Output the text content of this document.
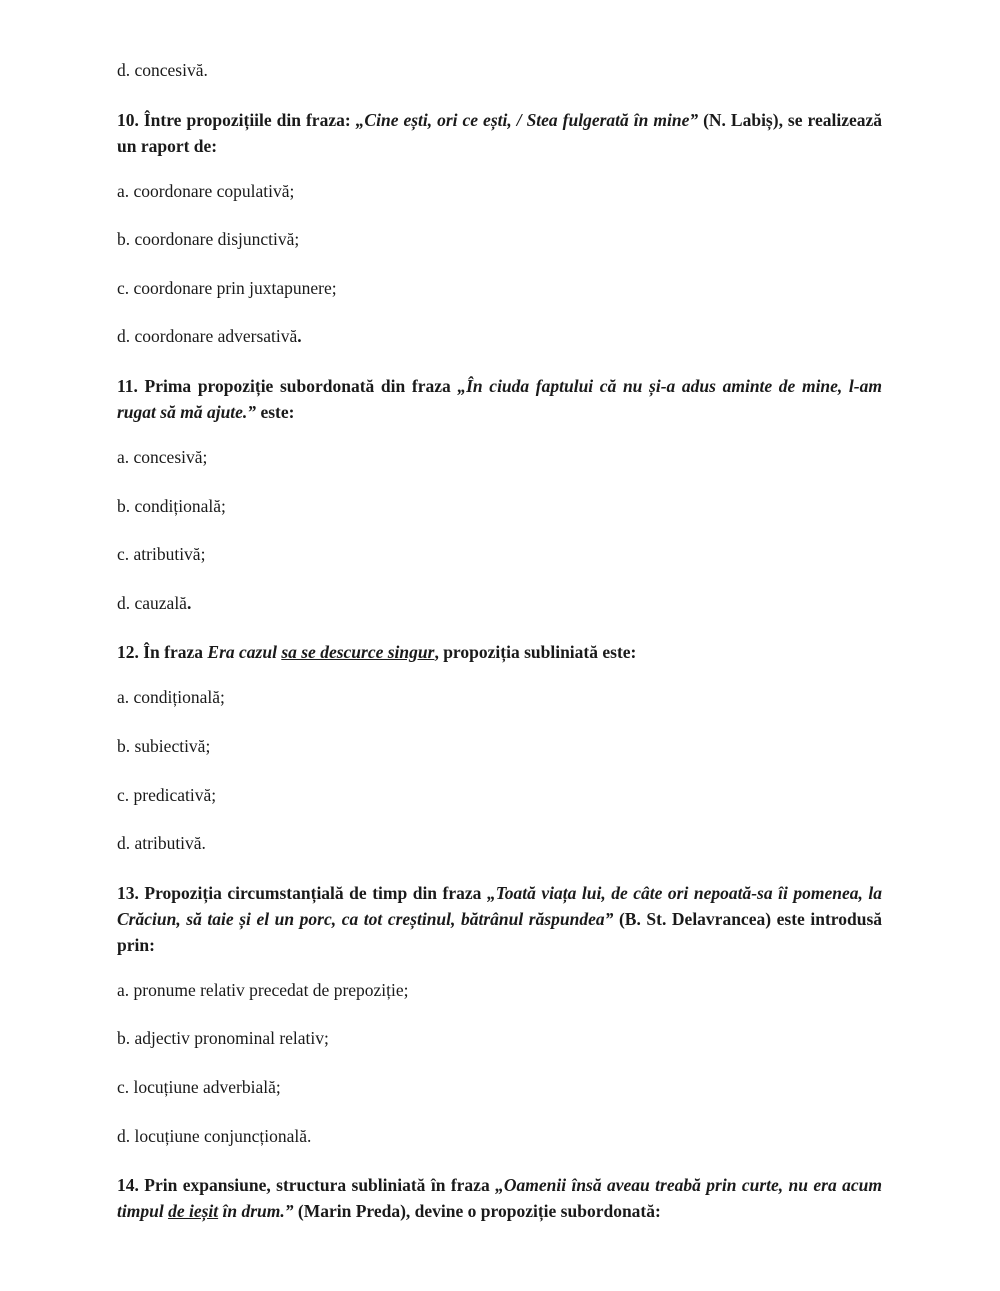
d. concesivă.
10. Între propozițiile din fraza: „Cine ești, ori ce ești, / Stea fulgerată în mine” (N. Labiș), se realizează un raport de:
a. coordonare copulativă;
b. coordonare disjunctivă;
c. coordonare prin juxtapunere;
d. coordonare adversativă.
11. Prima propoziție subordonată din fraza „În ciuda faptului că nu și-a adus aminte de mine, l-am rugat să mă ajute.” este:
a. concesivă;
b. condițională;
c. atributivă;
d. cauzală.
12. În fraza Era cazul sa se descurce singur, propoziția subliniată este:
a. condițională;
b. subiectivă;
c. predicativă;
d. atributivă.
13. Propoziția circumstanțială de timp din fraza „Toată viața lui, de câte ori nepoată-sa îi pomenea, la Crăciun, să taie și el un porc, ca tot creștinul, bătrânul răspundea” (B. St. Delavrancea) este introdusă prin:
a. pronume relativ precedat de prepoziție;
b. adjectiv pronominal relativ;
c. locuțiune adverbială;
d. locuțiune conjuncțională.
14. Prin expansiune, structura subliniată în fraza „Oamenii însă aveau treabă prin curte, nu era acum timpul de ieșit în drum.” (Marin Preda), devine o propoziție subordonată:
